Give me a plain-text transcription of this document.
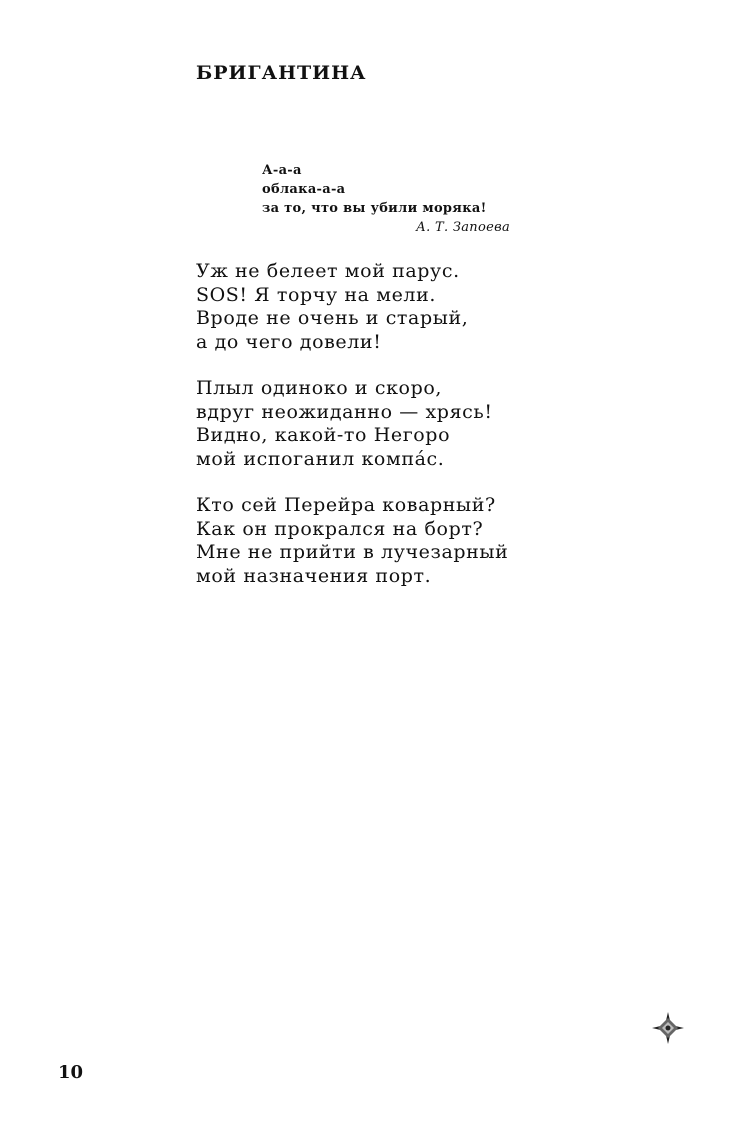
БРИГАНТИНА
А-а-а
облака-а-а
за то, что вы убили моряка!
А. Т. Запоева
Уж не белеет мой парус.
SOS! Я торчу на мели.
Вроде не очень и старый,
а до чего довели!
Плыл одиноко и скоро,
вдруг неожиданно — хрясь!
Видно, какой-то Негоро
мой испоганил компáс.
Кто сей Перейра коварный?
Как он прокрался на борт?
Мне не прийти в лучезарный
мой назначения порт.
10
